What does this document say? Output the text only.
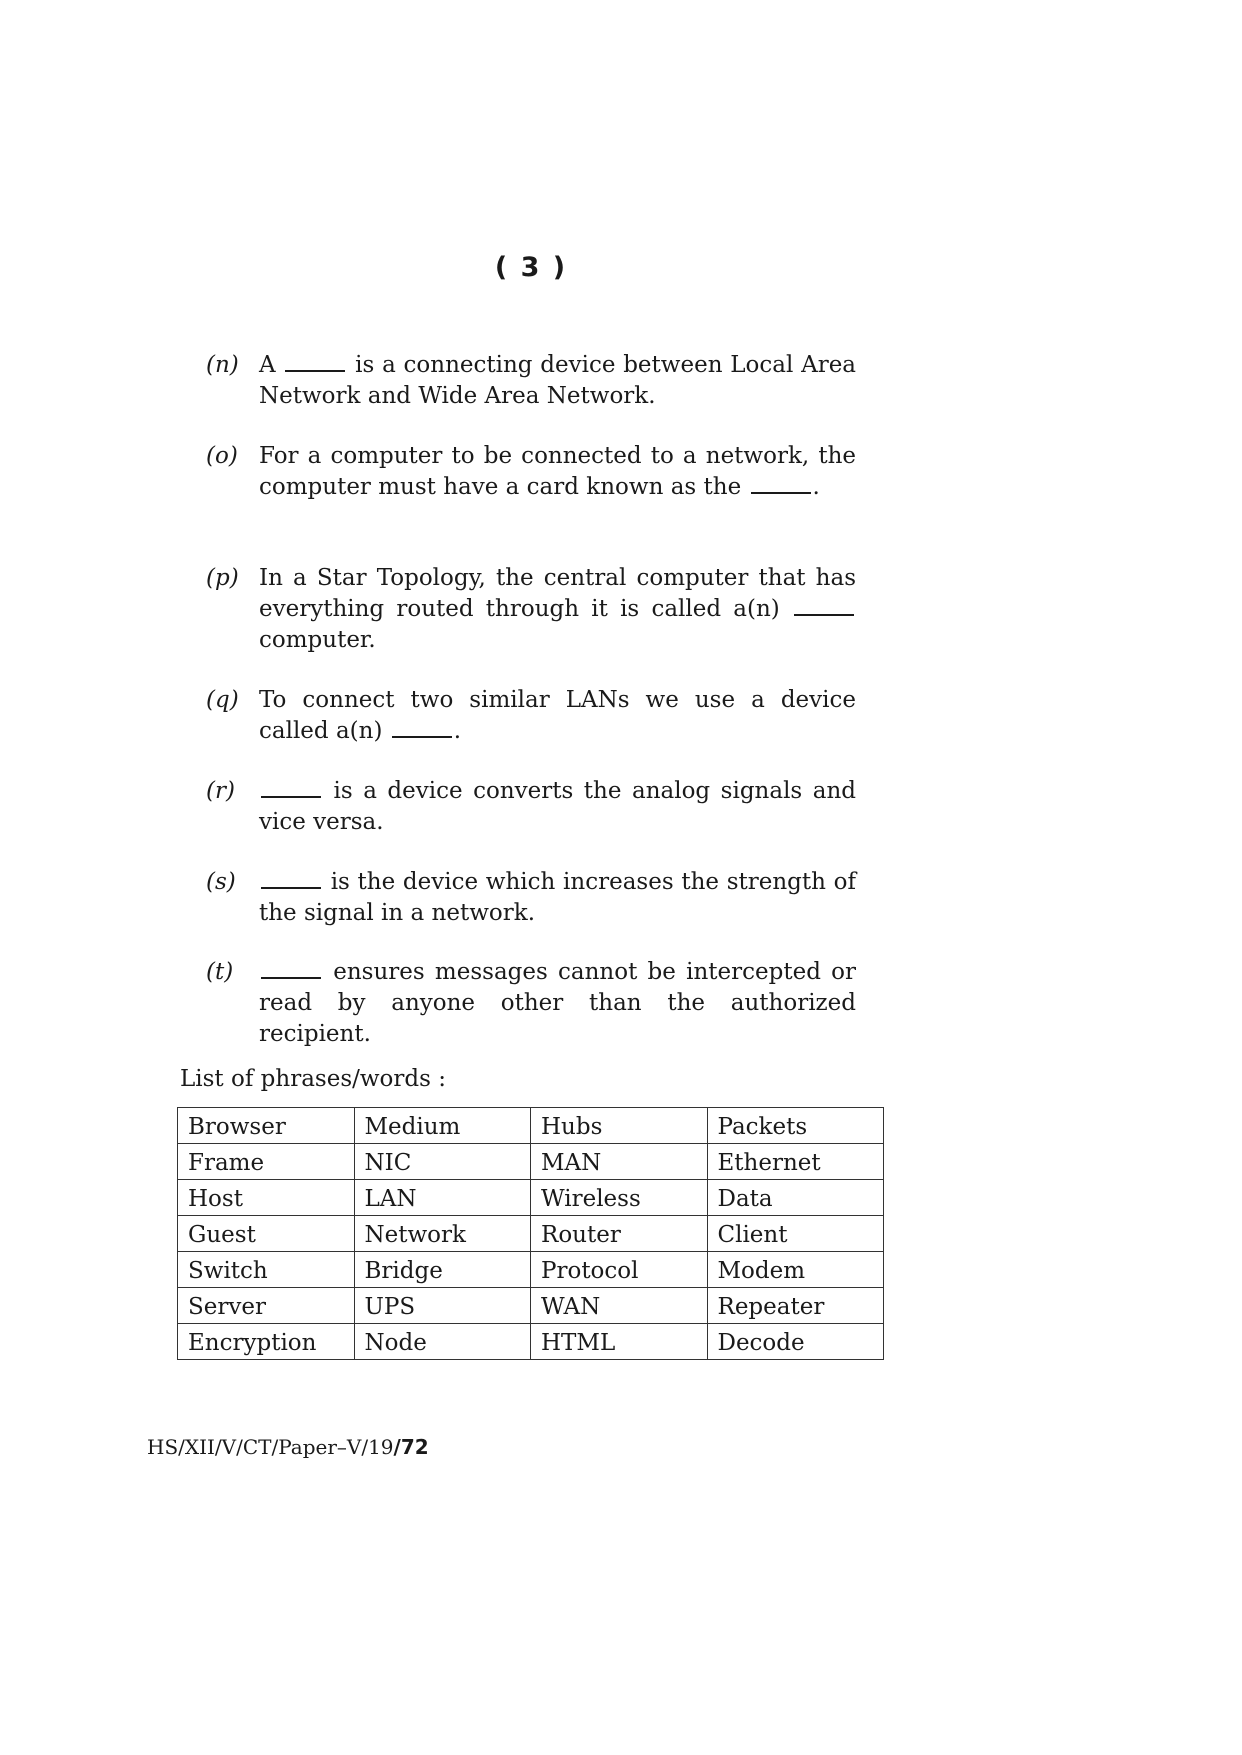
( 3 )
(n) A	is a connecting device between Local Area Network and Wide Area Network.
(o) For a computer to be connected to a network, the computer must have a card known as the	.
(p) In a Star Topology, the central computer that has everything routed through it is called a(n)  computer.
(q) To connect two similar LANs we use a device called a(n)	.
(r)	is a device converts the analog signals and vice versa.
(s)	is the device which increases the strength of the signal in a network.
(t)	ensures messages cannot be intercepted or read by anyone other than the authorized recipient.
List of phrases/words :
Browser	Medium	Hubs	Packets
Frame	NIC	MAN	Ethernet
Host	LAN	Wireless	Data
Guest	Network	Router	Client
Switch	Bridge	Protocol	Modem
Server	UPS	WAN	Repeater
Encryption	Node	HTML	Decode
HS/XII/V/CT/Paper–V/19/72
